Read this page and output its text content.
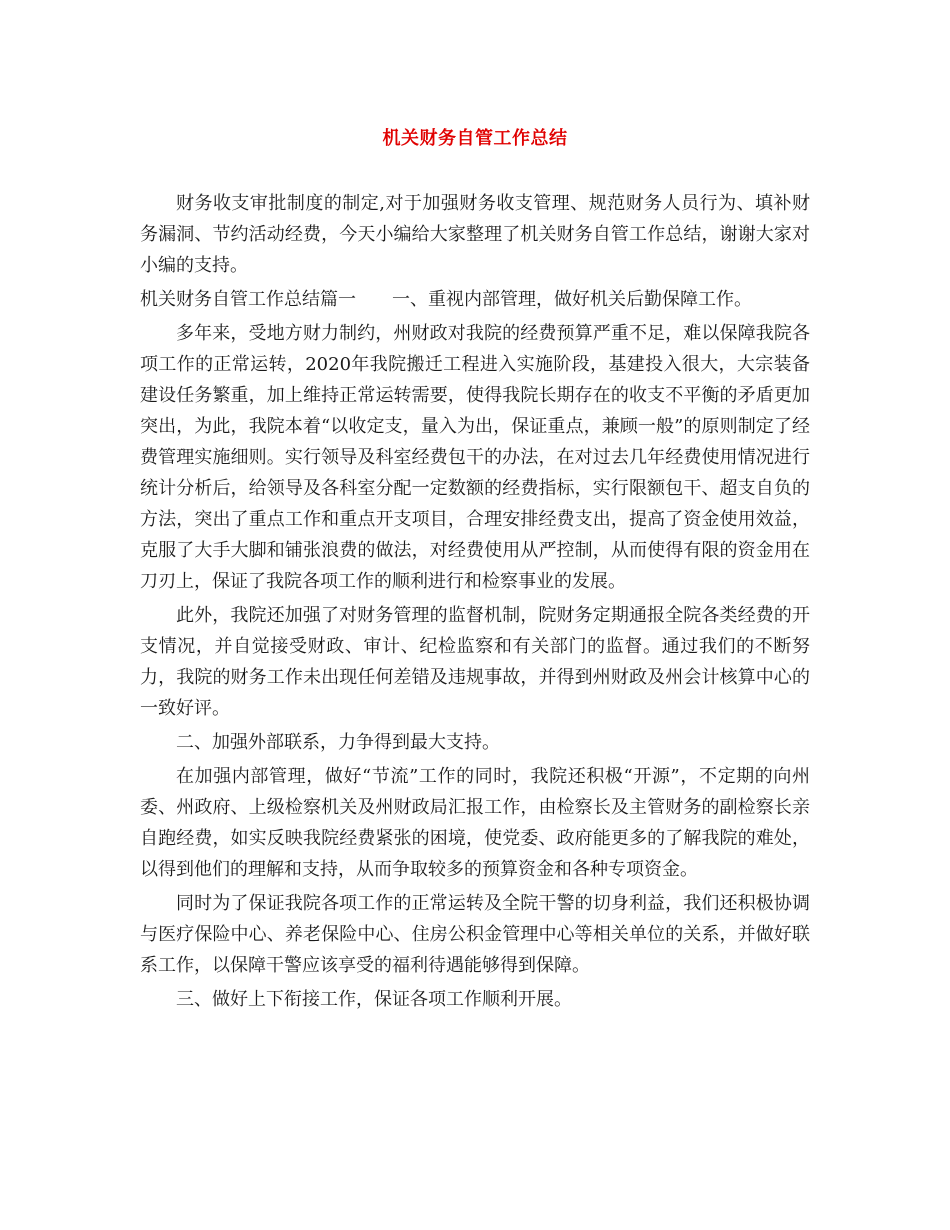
机关财务自管工作总结

财务收支审批制度的制定,对于加强财务收支管理、规范财务人员行为、填补财务漏洞、节约活动经费，今天小编给大家整理了机关财务自管工作总结，谢谢大家对小编的支持。

机关财务自管工作总结篇一 一、重视内部管理，做好机关后勤保障工作。

多年来，受地方财力制约，州财政对我院的经费预算严重不足，难以保障我院各项工作的正常运转，2020年我院搬迁工程进入实施阶段，基建投入很大，大宗装备建设任务繁重，加上维持正常运转需要，使得我院长期存在的收支不平衡的矛盾更加突出，为此，我院本着“以收定支，量入为出，保证重点，兼顾一般”的原则制定了经费管理实施细则。实行领导及科室经费包干的办法，在对过去几年经费使用情况进行统计分析后，给领导及各科室分配一定数额的经费指标，实行限额包干、超支自负的方法，突出了重点工作和重点开支项目，合理安排经费支出，提高了资金使用效益，克服了大手大脚和铺张浪费的做法，对经费使用从严控制，从而使得有限的资金用在刀刃上，保证了我院各项工作的顺利进行和检察事业的发展。

此外，我院还加强了对财务管理的监督机制，院财务定期通报全院各类经费的开支情况，并自觉接受财政、审计、纪检监察和有关部门的监督。通过我们的不断努力，我院的财务工作未出现任何差错及违规事故，并得到州财政及州会计核算中心的一致好评。

二、加强外部联系，力争得到最大支持。

在加强内部管理，做好“节流”工作的同时，我院还积极“开源”，不定期的向州委、州政府、上级检察机关及州财政局汇报工作，由检察长及主管财务的副检察长亲自跑经费，如实反映我院经费紧张的困境，使党委、政府能更多的了解我院的难处，以得到他们的理解和支持，从而争取较多的预算资金和各种专项资金。

同时为了保证我院各项工作的正常运转及全院干警的切身利益，我们还积极协调与医疗保险中心、养老保险中心、住房公积金管理中心等相关单位的关系，并做好联系工作，以保障干警应该享受的福利待遇能够得到保障。

三、做好上下衔接工作，保证各项工作顺利开展。
